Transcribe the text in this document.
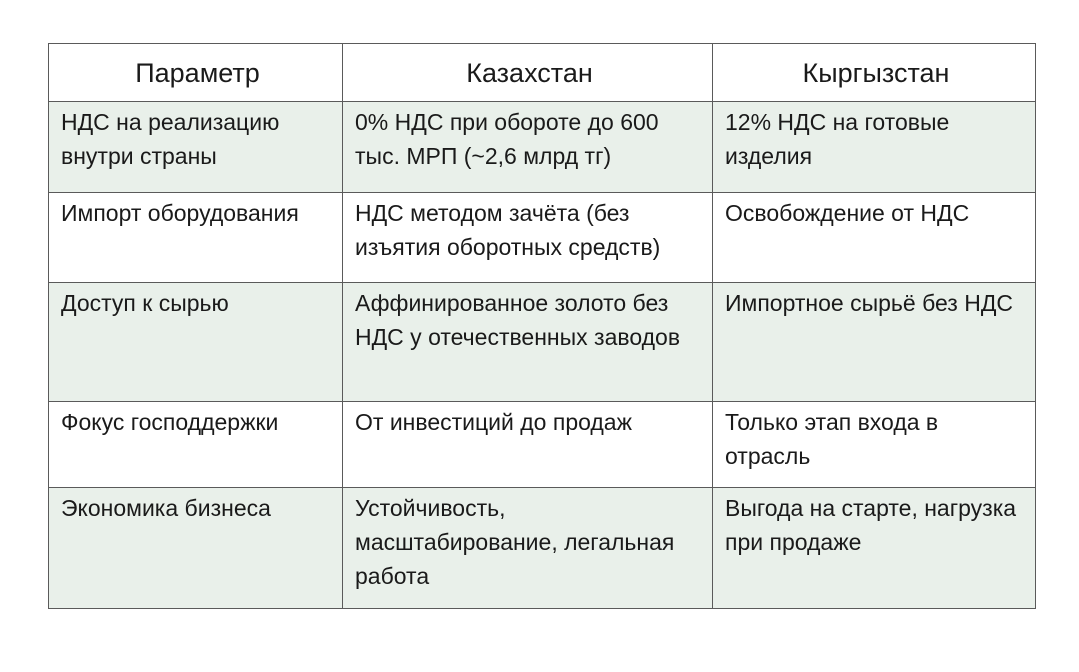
Параметр	Казахстан	Кыргызстан
НДС на реализацию внутри страны	0% НДС при обороте до 600 тыс. МРП (~2,6 млрд тг)	12% НДС на готовые изделия
Импорт оборудования	НДС методом зачёта (без изъятия оборотных средств)	Освобождение от НДС
Доступ к сырью	Аффинированное золото без НДС у отечественных заводов	Импортное сырьё без НДС
Фокус господдержки	От инвестиций до продаж	Только этап входа в отрасль
Экономика бизнеса	Устойчивость, масштабирование, легальная работа	Выгода на старте, нагрузка при продаже
